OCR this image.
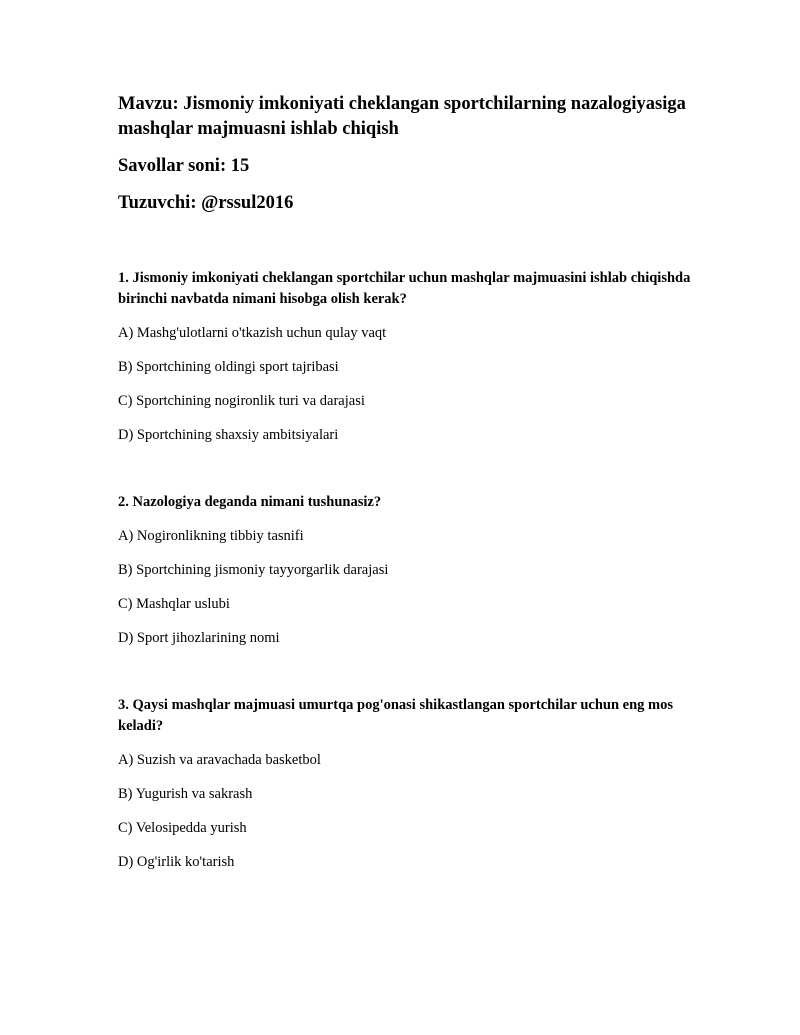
Mavzu: Jismoniy imkoniyati cheklangan sportchilarning nazalogiyasiga mashqlar majmuasni ishlab chiqish

Savollar soni: 15

Tuzuvchi: @rssul2016

1. Jismoniy imkoniyati cheklangan sportchilar uchun mashqlar majmuasini ishlab chiqishda birinchi navbatda nimani hisobga olish kerak?

A) Mashg'ulotlarni o'tkazish uchun qulay vaqt

B) Sportchining oldingi sport tajribasi

C) Sportchining nogironlik turi va darajasi

D) Sportchining shaxsiy ambitsiyalari

2. Nazologiya deganda nimani tushunasiz?

A) Nogironlikning tibbiy tasnifi

B) Sportchining jismoniy tayyorgarlik darajasi

C) Mashqlar uslubi

D) Sport jihozlarining nomi

3. Qaysi mashqlar majmuasi umurtqa pog'onasi shikastlangan sportchilar uchun eng mos keladi?

A) Suzish va aravachada basketbol

B) Yugurish va sakrash

C) Velosipedda yurish

D) Og'irlik ko'tarish
